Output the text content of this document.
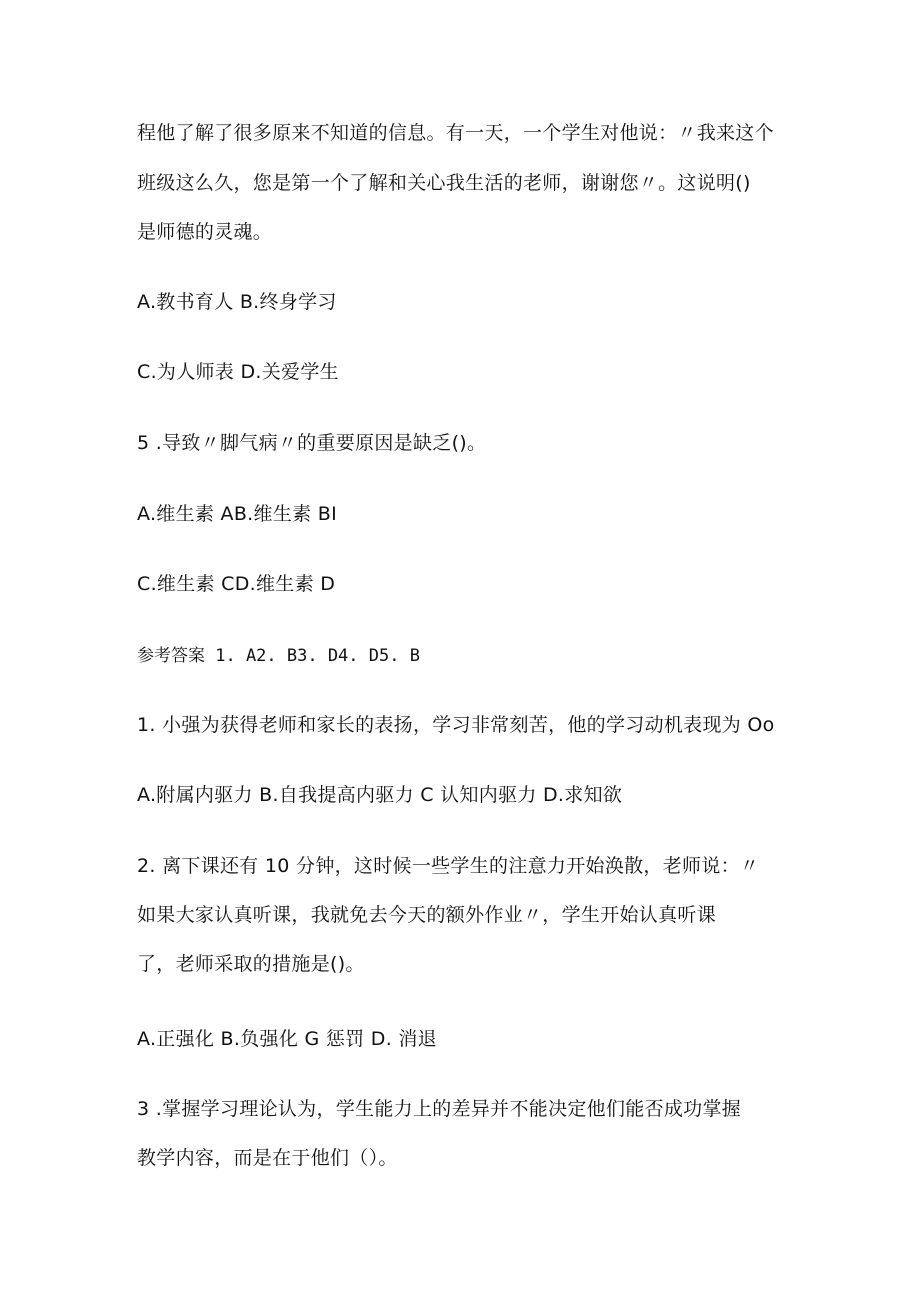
程他了解了很多原来不知道的信息。有一天，一个学生对他说：〃我来这个
班级这么久，您是第一个了解和关心我生活的老师，谢谢您〃。这说明()
是师德的灵魂。
A.教书育人 B.终身学习
C.为人师表 D.关爱学生
5 .导致〃脚气病〃的重要原因是缺乏()。
A.维生素 AB.维生素 BI
C.维生素 CD.维生素 D
参考答案 1. A2. B3. D4. D5. B
1. 小强为获得老师和家长的表扬，学习非常刻苦，他的学习动机表现为 Oo
A.附属内驱力 B.自我提高内驱力 C 认知内驱力 D.求知欲
2. 离下课还有 10 分钟，这时候一些学生的注意力开始涣散，老师说：〃
如果大家认真听课，我就免去今天的额外作业〃，学生开始认真听课
了，老师采取的措施是()。
A.正强化 B.负强化 G 惩罚 D. 消退
3 .掌握学习理论认为，学生能力上的差异并不能决定他们能否成功掌握
教学内容，而是在于他们（）。
